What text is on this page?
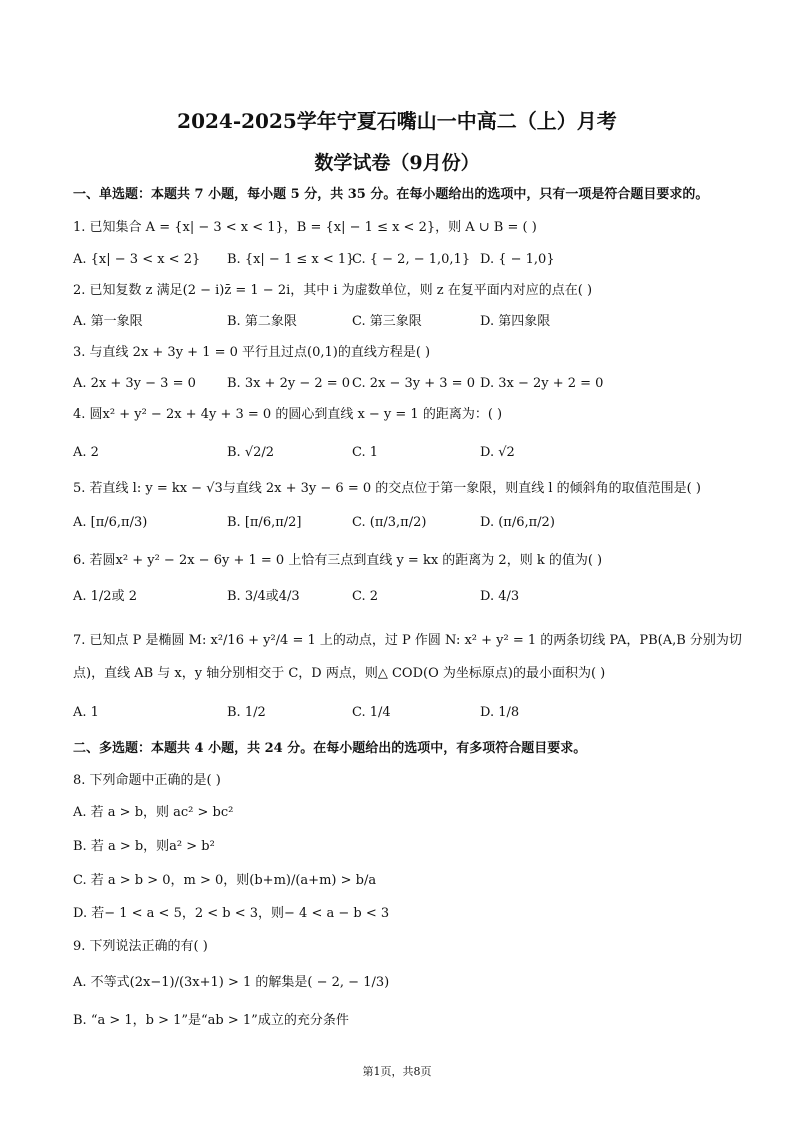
2024-2025学年宁夏石嘴山一中高二（上）月考
数学试卷（9月份）
一、单选题：本题共 7 小题，每小题 5 分，共 35 分。在每小题给出的选项中，只有一项是符合题目要求的。
1. 已知集合 A = {x| − 3 < x < 1}，B = {x| − 1 ≤ x < 2}，则 A ∪ B = ( )
A. {x| − 3 < x < 2} B. {x| − 1 ≤ x < 1}
C. { − 2, − 1,0,1} D. { − 1,0}
2. 已知复数 z 满足(2 − i)z̄ = 1 − 2i，其中 i 为虚数单位，则 z 在复平面内对应的点在( )
A. 第一象限	B. 第二象限	C. 第三象限	D. 第四象限
3. 与直线 2x + 3y + 1 = 0 平行且过点(0,1)的直线方程是( )
A. 2x + 3y − 3 = 0 B. 3x + 2y − 2 = 0 C. 2x − 3y + 3 = 0 D. 3x − 2y + 2 = 0
4. 圆x² + y² − 2x + 4y + 3 = 0 的圆心到直线 x − y = 1 的距离为：( )
A. 2	B. √2/2	C. 1	D. √2
5. 若直线 l: y = kx − √3与直线 2x + 3y − 6 = 0 的交点位于第一象限，则直线 l 的倾斜角的取值范围是( )
A. [π/6,π/3)	B. [π/6,π/2]	C. (π/3,π/2)	D. (π/6,π/2)
6. 若圆x² + y² − 2x − 6y + 1 = 0 上恰有三点到直线 y = kx 的距离为 2，则 k 的值为( )
A. 1/2或 2	B. 3/4或4/3	C. 2	D. 4/3
7. 已知点 P 是椭圆 M: x²/16 + y²/4 = 1 上的动点，过 P 作圆 N: x² + y² = 1 的两条切线 PA，PB(A,B 分别为切
点)，直线 AB 与 x，y 轴分别相交于 C，D 两点，则△ COD(O 为坐标原点)的最小面积为( )
A. 1	B. 1/2	C. 1/4	D. 1/8
二、多选题：本题共 4 小题，共 24 分。在每小题给出的选项中，有多项符合题目要求。
8. 下列命题中正确的是( )
A. 若 a > b，则 ac² > bc²
B. 若 a > b，则a² > b²
C. 若 a > b > 0，m > 0，则(b+m)/(a+m) > b/a
D. 若− 1 < a < 5，2 < b < 3，则− 4 < a − b < 3
9. 下列说法正确的有( )
A. 不等式(2x−1)/(3x+1) > 1 的解集是( − 2, − 1/3)
B. “a > 1，b > 1”是“ab > 1”成立的充分条件
第1页，共8页
